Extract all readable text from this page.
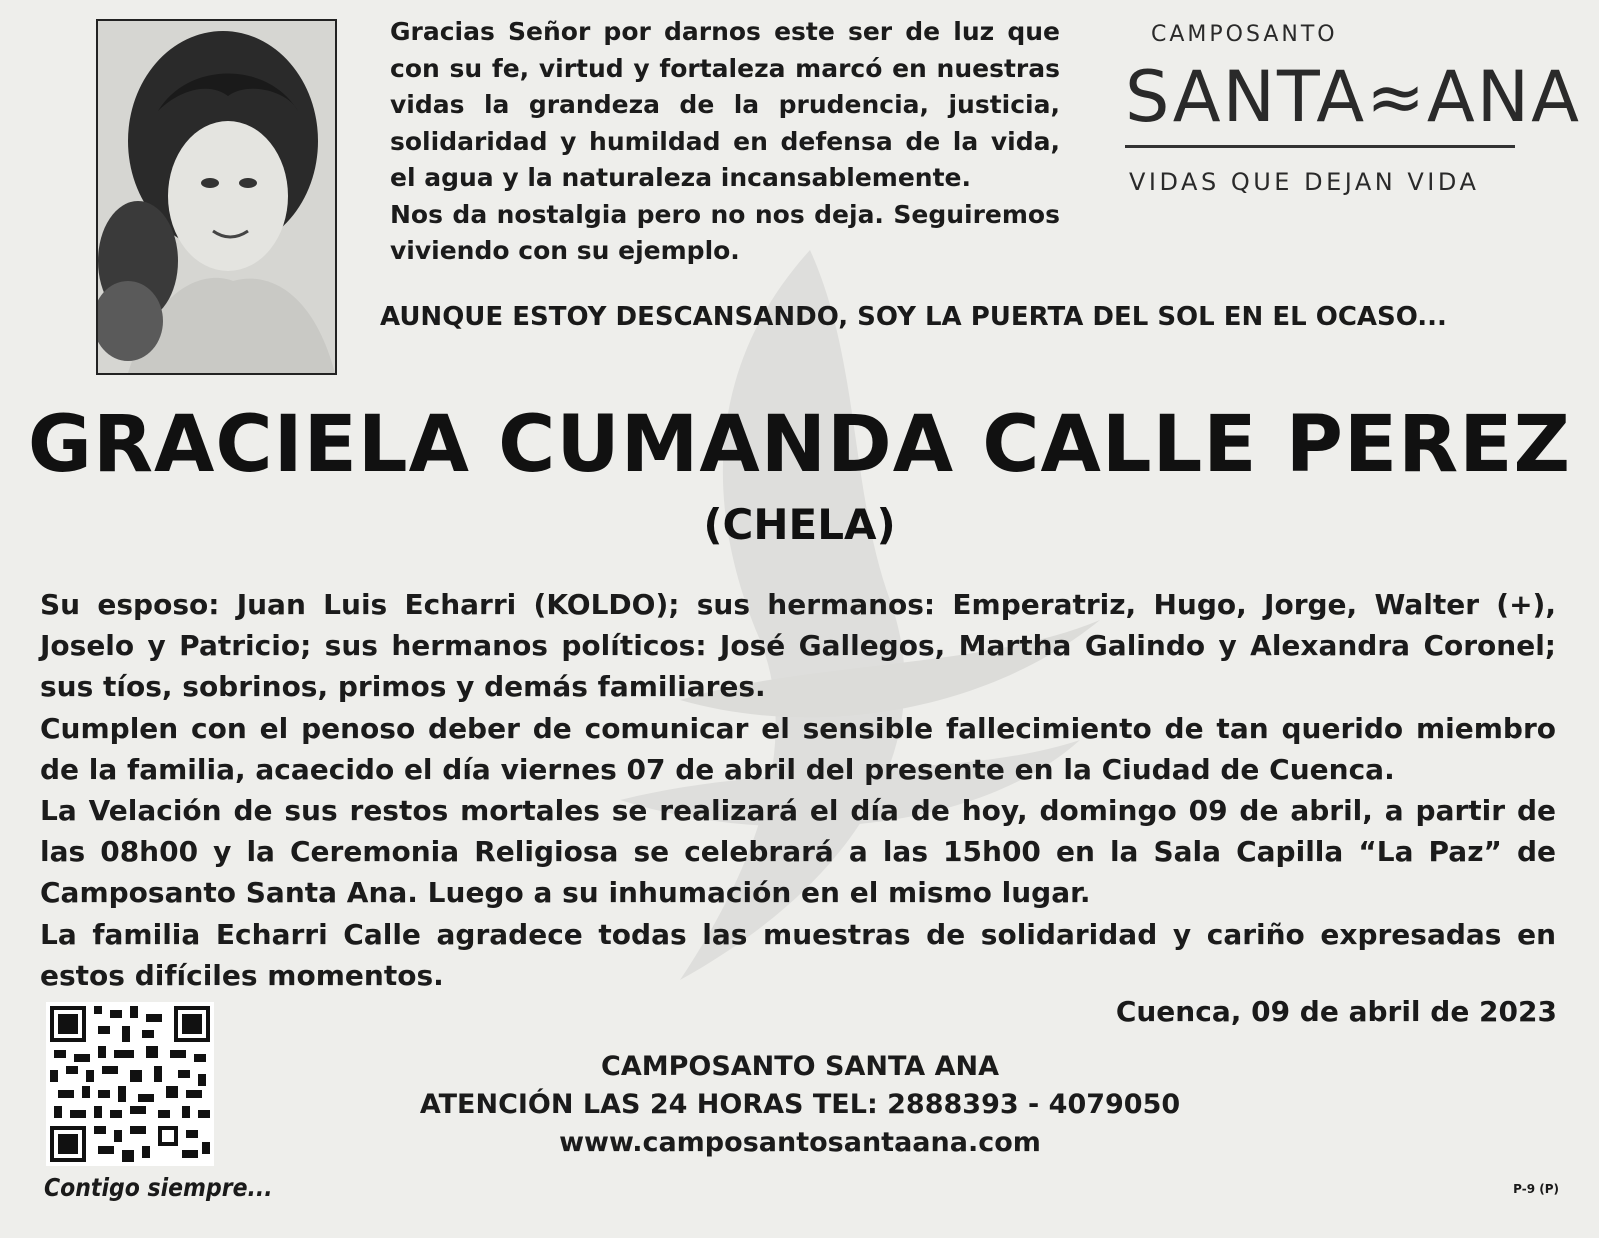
Gracias Señor por darnos este ser de luz que con su fe, virtud y fortaleza marcó en nuestras vidas la grandeza de la prudencia, justicia, solidaridad y humildad en defensa de la vida, el agua y la naturaleza incansablemente.

Nos da nostalgia pero no nos deja. Seguiremos viviendo con su ejemplo.

CAMPOSANTO
SANTA≈ANA
VIDAS QUE DEJAN VIDA
AUNQUE ESTOY DESCANSANDO, SOY LA PUERTA DEL SOL EN EL OCASO...
GRACIELA CUMANDA CALLE PEREZ
(CHELA)

Su esposo: Juan Luis Echarri (KOLDO); sus hermanos: Emperatriz, Hugo, Jorge, Walter (+), Joselo y Patricio; sus hermanos políticos: José Gallegos, Martha Galindo y Alexandra Coronel; sus tíos, sobrinos, primos y demás familiares.

Cumplen con el penoso deber de comunicar el sensible fallecimiento de tan querido miembro de la familia, acaecido el día viernes 07 de abril del presente en la Ciudad de Cuenca.

La Velación de sus restos mortales se realizará el día de hoy, domingo 09 de abril, a partir de las 08h00 y la Ceremonia Religiosa se celebrará a las 15h00 en la Sala Capilla “La Paz” de Camposanto Santa Ana. Luego a su inhumación en el mismo lugar.

La familia Echarri Calle agradece todas las muestras de solidaridad y cariño expresadas en estos difíciles momentos.

Cuenca, 09 de abril de 2023
Contigo siempre...
CAMPOSANTO SANTA ANA
ATENCIÓN LAS 24 HORAS TEL: 2888393 - 4079050
www.camposantosantaana.com
P-9 (P)
